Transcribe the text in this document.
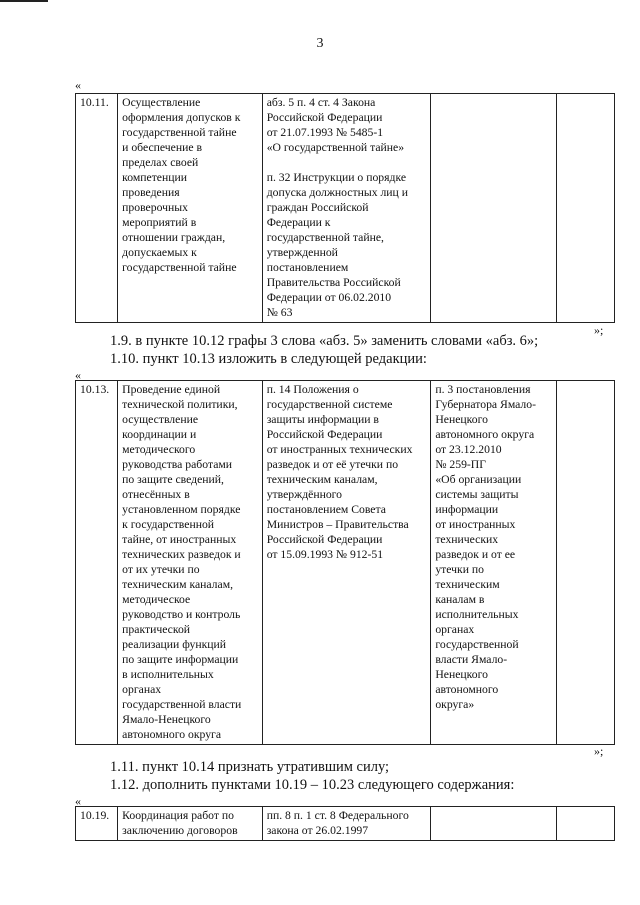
3
«
10.11.	Осуществление
оформления допусков к
государственной тайне
и обеспечение в
пределах своей
компетенции
проведения
проверочных
мероприятий в
отношении граждан,
допускаемых к
государственной тайне	абз. 5 п. 4 ст. 4 Закона
Российской Федерации
от 21.07.1993 № 5485-1
«О государственной тайне»
п. 32 Инструкции о порядке
допуска должностных лиц и
граждан Российской
Федерации к
государственной тайне,
утвержденной
постановлением
Правительства Российской
Федерации от 06.02.2010
№ 63		
»;
1.9. в пункте 10.12 графы 3 слова «абз. 5» заменить словами «абз. 6»;
1.10. пункт 10.13 изложить в следующей редакции:
«
10.13.	Проведение единой
технической политики,
осуществление
координации и
методического
руководства работами
по защите сведений,
отнесённых в
установленном порядке
к государственной
тайне, от иностранных
технических разведок и
от их утечки по
техническим каналам,
методическое
руководство и контроль
практической
реализации функций
по защите информации
в исполнительных
органах
государственной власти
Ямало-Ненецкого
автономного округа	п. 14 Положения о
государственной системе
защиты информации в
Российской Федерации
от иностранных технических
разведок и от её утечки по
техническим каналам,
утверждённого
постановлением Совета
Министров – Правительства
Российской Федерации
от 15.09.1993 № 912-51	п. 3 постановления
Губернатора Ямало-
Ненецкого
автономного округа
от 23.12.2010
№ 259-ПГ
«Об организации
системы защиты
информации
от иностранных
технических
разведок и от ее
утечки по
техническим
каналам в
исполнительных
органах
государственной
власти Ямало-
Ненецкого
автономного
округа»	
»;
1.11. пункт 10.14 признать утратившим силу;
1.12. дополнить пунктами 10.19 – 10.23 следующего содержания:
«
10.19.	Координация работ по
заключению договоров	пп. 8 п. 1 ст. 8 Федерального
закона от 26.02.1997		
